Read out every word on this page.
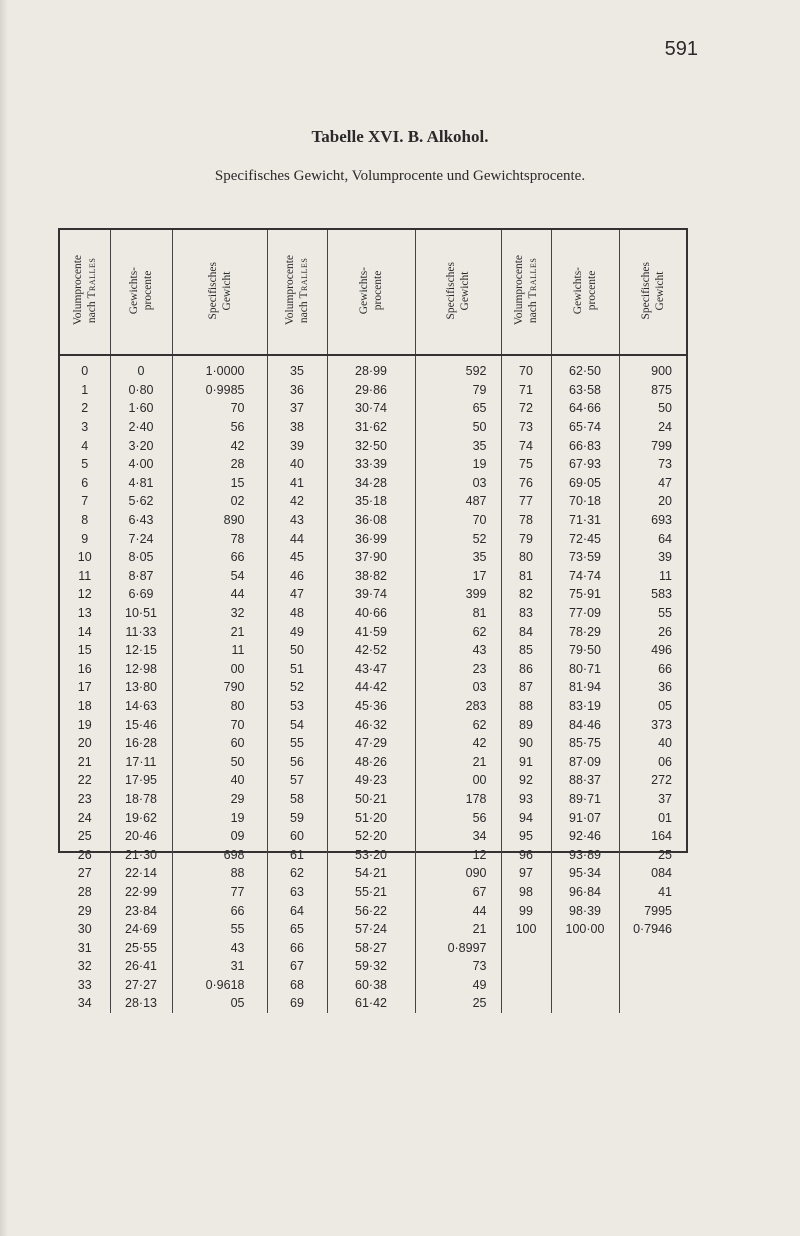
591
Tabelle XVI. B. Alkohol.
Specifisches Gewicht, Volumprocente und Gewichtsprocente.
Volumprocente nach Tralles	Gewichts- procente	Specifisches Gewicht	Volumprocente nach Tralles	Gewichts- procente	Specifisches Gewicht	Volumprocente nach Tralles	Gewichts- procente	Specifisches Gewicht
0	0	1·0000	35	28·99	592	70	62·50	900
1	0·80	0·9985	36	29·86	79	71	63·58	875
2	1·60	70	37	30·74	65	72	64·66	50
3	2·40	56	38	31·62	50	73	65·74	24
4	3·20	42	39	32·50	35	74	66·83	799
5	4·00	28	40	33·39	19	75	67·93	73
6	4·81	15	41	34·28	03	76	69·05	47
7	5·62	02	42	35·18	487	77	70·18	20
8	6·43	890	43	36·08	70	78	71·31	693
9	7·24	78	44	36·99	52	79	72·45	64
10	8·05	66	45	37·90	35	80	73·59	39
11	8·87	54	46	38·82	17	81	74·74	11
12	6·69	44	47	39·74	399	82	75·91	583
13	10·51	32	48	40·66	81	83	77·09	55
14	11·33	21	49	41·59	62	84	78·29	26
15	12·15	11	50	42·52	43	85	79·50	496
16	12·98	00	51	43·47	23	86	80·71	66
17	13·80	790	52	44·42	03	87	81·94	36
18	14·63	80	53	45·36	283	88	83·19	05
19	15·46	70	54	46·32	62	89	84·46	373
20	16·28	60	55	47·29	42	90	85·75	40
21	17·11	50	56	48·26	21	91	87·09	06
22	17·95	40	57	49·23	00	92	88·37	272
23	18·78	29	58	50·21	178	93	89·71	37
24	19·62	19	59	51·20	56	94	91·07	01
25	20·46	09	60	52·20	34	95	92·46	164
26	21·30	698	61	53·20	12	96	93·89	25
27	22·14	88	62	54·21	090	97	95·34	084
28	22·99	77	63	55·21	67	98	96·84	41
29	23·84	66	64	56·22	44	99	98·39	7995
30	24·69	55	65	57·24	21	100	100·00	0·7946
31	25·55	43	66	58·27	0·8997			
32	26·41	31	67	59·32	73			
33	27·27	0·9618	68	60·38	49			
34	28·13	05	69	61·42	25			
